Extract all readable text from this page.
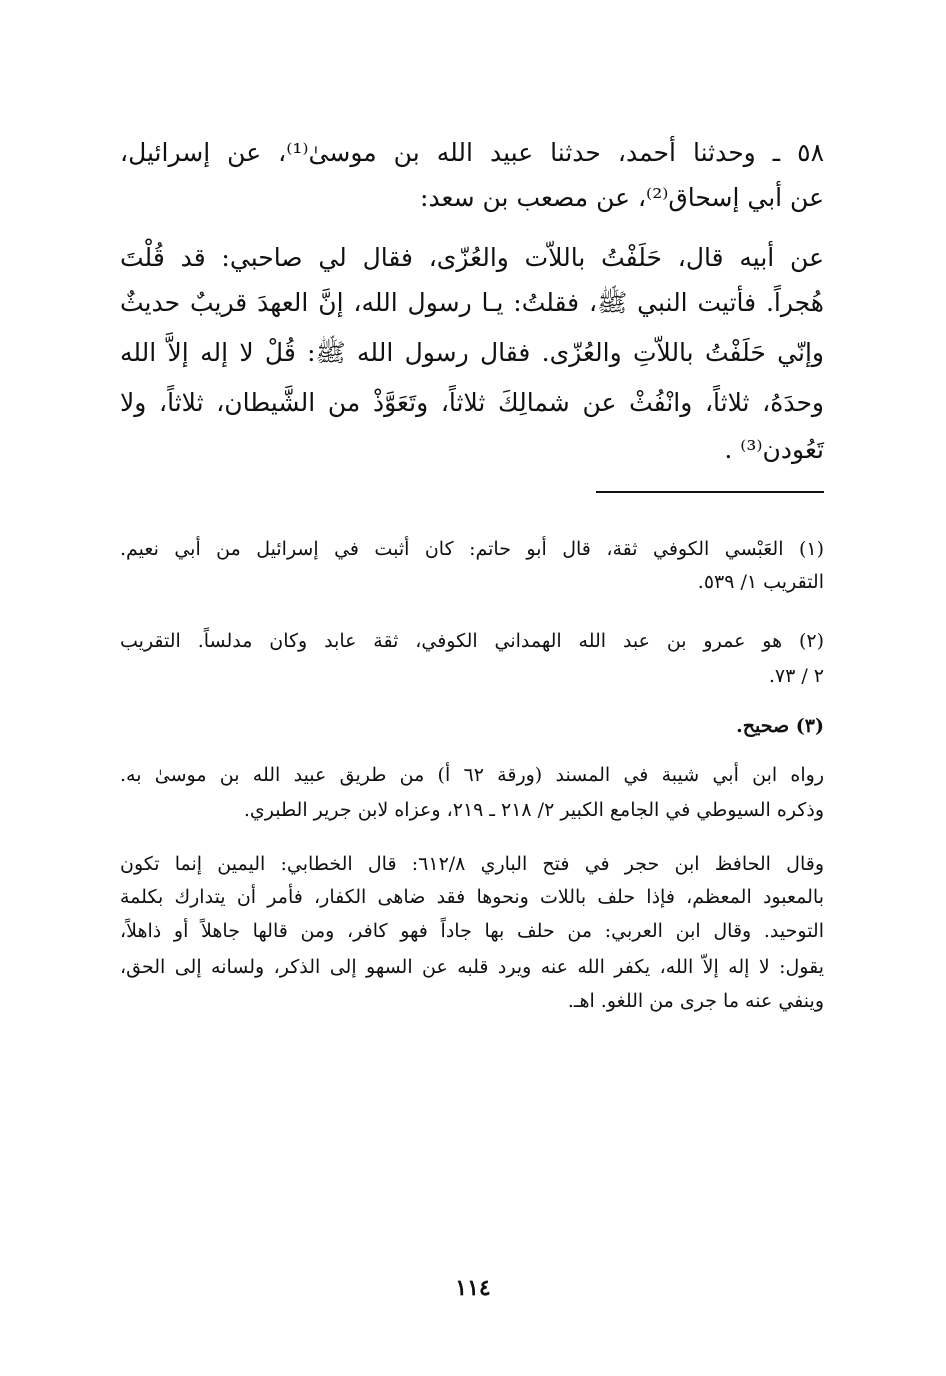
٥٨ ـ وحدثنا أحمد، حدثنا عبيد الله بن موسىٰ⁽¹⁾، عن إسرائيل،
عن أبي إسحاق⁽²⁾، عن مصعب بن سعد:
عن أبيه قال، حَلَفْتُ باللاّت والعُزّى، فقال لي صاحبي: قد قُلْتَ
هُجراً. فأتيت النبي ﷺ، فقلتُ: يـا رسول الله، إنَّ العهدَ قريبٌ حديثٌ
وإنّي حَلَفْتُ باللاّتِ والعُزّى. فقال رسول الله ﷺ: قُلْ لا إله إلاَّ الله
وحدَهُ، ثلاثاً، وانْفُثْ عن شمالِكَ ثلاثاً، وتَعَوَّذْ من الشَّيطان، ثلاثاً، ولا
تَعُودن⁽³⁾ .
(١) العَبْسي الكوفي ثقة، قال أبو حاتم: كان أثبت في إسرائيل من أبي نعيم.
التقريب ١/ ٥٣٩.
(٢) هو عمرو بن عبد الله الهمداني الكوفي، ثقة عابد وكان مدلساً. التقريب
٢ / ٧٣.
(٣) صحيح.
رواه ابن أبي شيبة في المسند (ورقة ٦٢ أ) من طريق عبيد الله بن موسىٰ به.
وذكره السيوطي في الجامع الكبير ٢/ ٢١٨ ـ ٢١٩، وعزاه لابن جرير الطبري.
وقال الحافظ ابن حجر في فتح الباري ٦١٢/٨: قال الخطابي: اليمين إنما تكون
بالمعبود المعظم، فإذا حلف باللات ونحوها فقد ضاهى الكفار، فأمر أن يتدارك بكلمة
التوحيد. وقال ابن العربي: من حلف بها جاداً فهو كافر، ومن قالها جاهلاً أو ذاهلاً،
يقول: لا إله إلاّ الله، يكفر الله عنه ويرد قلبه عن السهو إلى الذكر، ولسانه إلى الحق،
وينفي عنه ما جرى من اللغو. اهـ.
١١٤
